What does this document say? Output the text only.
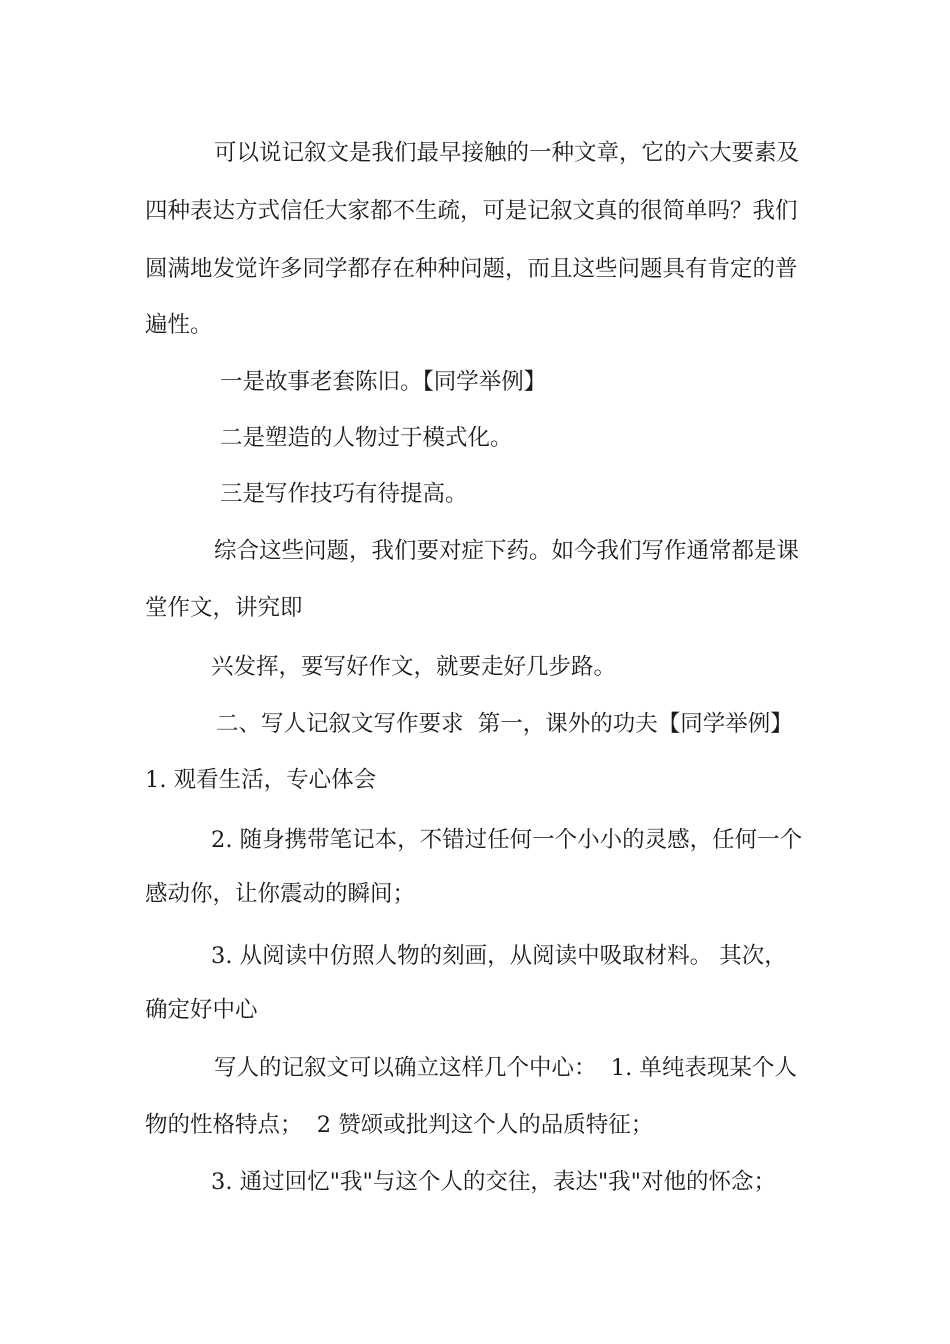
可以说记叙文是我们最早接触的一种文章，它的六大要素及
四种表达方式信任大家都不生疏，可是记叙文真的很简单吗？我们
圆满地发觉许多同学都存在种种问题，而且这些问题具有肯定的普
遍性。
一是故事老套陈旧。【同学举例】
二是塑造的人物过于模式化。
三是写作技巧有待提高。
综合这些问题，我们要对症下药。如今我们写作通常都是课
堂作文，讲究即
兴发挥，要写好作文，就要走好几步路。
二、写人记叙文写作要求  第一，课外的功夫【同学举例】
1. 观看生活，专心体会
2. 随身携带笔记本，不错过任何一个小小的灵感，任何一个
感动你，让你震动的瞬间；
3. 从阅读中仿照人物的刻画，从阅读中吸取材料。 其次，
确定好中心
写人的记叙文可以确立这样几个中心：  1. 单纯表现某个人
物的性格特点；  2 赞颂或批判这个人的品质特征；
3. 通过回忆"我"与这个人的交往，表达"我"对他的怀念；
